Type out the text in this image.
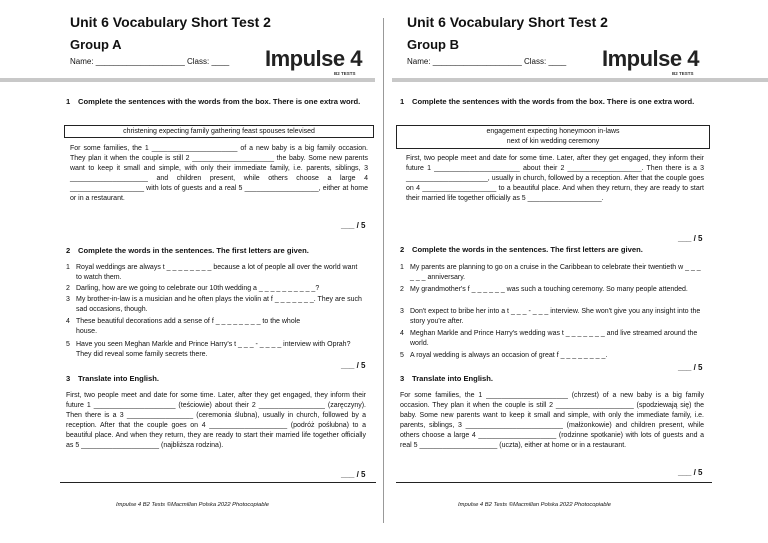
Unit 6 Vocabulary Short Test 2
Group A
Name: ____________________ Class: ____ Impulse 4
B2 TESTS
1 Complete the sentences with the words from the box. There is one extra word.
christening expecting family gathering feast spouses televised
For some families, the 1 ______________________ of a new baby is a big family occasion. They plan it when the couple is still 2 _____________________ the baby. Some new parents want to keep it small and simple, with only their immediate family, i.e. parents, siblings, 3 ____________________ and children present, while others choose a large 4 ___________________ with lots of guests and a real 5 ___________________, either at home or in a restaurant.
___ / 5
2 Complete the words in the sentences. The first letters are given.
1 Royal weddings are always t _ _ _ _ _ _ _ _ because a lot of people all over the world want to watch them.
2 Darling, how are we going to celebrate our 10th wedding a _ _ _ _ _ _ _ _ _ _?
3 My brother-in-law is a musician and he often plays the violin at f _ _ _ _ _ _ _. They are such sad occasions, though.
4 These beautiful decorations add a sense of f _ _ _ _ _ _ _ _ to the whole house.
5 Have you seen Meghan Markle and Prince Harry's t _ _ _ - _ _ _ _ interview with Oprah? They did reveal some family secrets there.
___ / 5
3 Translate into English.
First, two people meet and date for some time. Later, after they get engaged, they inform their future 1 _____________________ (teściowie) about their 2 _________________ (zaręczyny). Then there is a 3 _________________ (ceremonia ślubna), usually in church, followed by a reception. After that the couple goes on 4 ____________________ (podróż poślubna) to a beautiful place. And when they return, they are ready to start their married life together officially as 5 ____________________ (najbliższa rodzina).
___ / 5
Impulse 4 B2 Tests ©Macmillan Polska 2022 Photocopiable
Unit 6 Vocabulary Short Test 2
Group B
Name: ____________________ Class: ____ Impulse 4
B2 TESTS
1 Complete the sentences with the words from the box. There is one extra word.
engagement expecting honeymoon in-laws
next of kin wedding ceremony
First, two people meet and date for some time. Later, after they get engaged, they inform their future 1 ______________________ about their 2 ___________________. Then there is a 3 _____________________, usually in church, followed by a reception. After that the couple goes on 4 ___________________ to a beautiful place. And when they return, they are ready to start their married life together officially as 5 ___________________.
___ / 5
2 Complete the words in the sentences. The first letters are given.
1 My parents are planning to go on a cruise in the Caribbean to celebrate their twentieth w _ _ _ _ _ _ anniversary.
2 My grandmother's f _ _ _ _ _ _ was such a touching ceremony. So many people attended.
3 Don't expect to bribe her into a t _ _ _ - _ _ _ interview. She won't give you any insight into the story you're after.
4 Meghan Markle and Prince Harry's wedding was t _ _ _ _ _ _ _ and live streamed around the world.
5 A royal wedding is always an occasion of great f _ _ _ _ _ _ _ _.
___ / 5
3 Translate into English.
For some families, the 1 _____________________ (chrzest) of a new baby is a big family occasion. They plan it when the couple is still 2 ____________________ (spodziewają się) the baby. Some new parents want to keep it small and simple, with only the immediate family, i.e. parents, siblings, 3 _________________________ (małżonkowie) and children present, while others choose a large 4 ____________________ (rodzinne spotkanie) with lots of guests and a real 5 ____________________ (uczta), either at home or in a restaurant.
___ / 5
Impulse 4 B2 Tests ©Macmillan Polska 2022 Photocopiable
